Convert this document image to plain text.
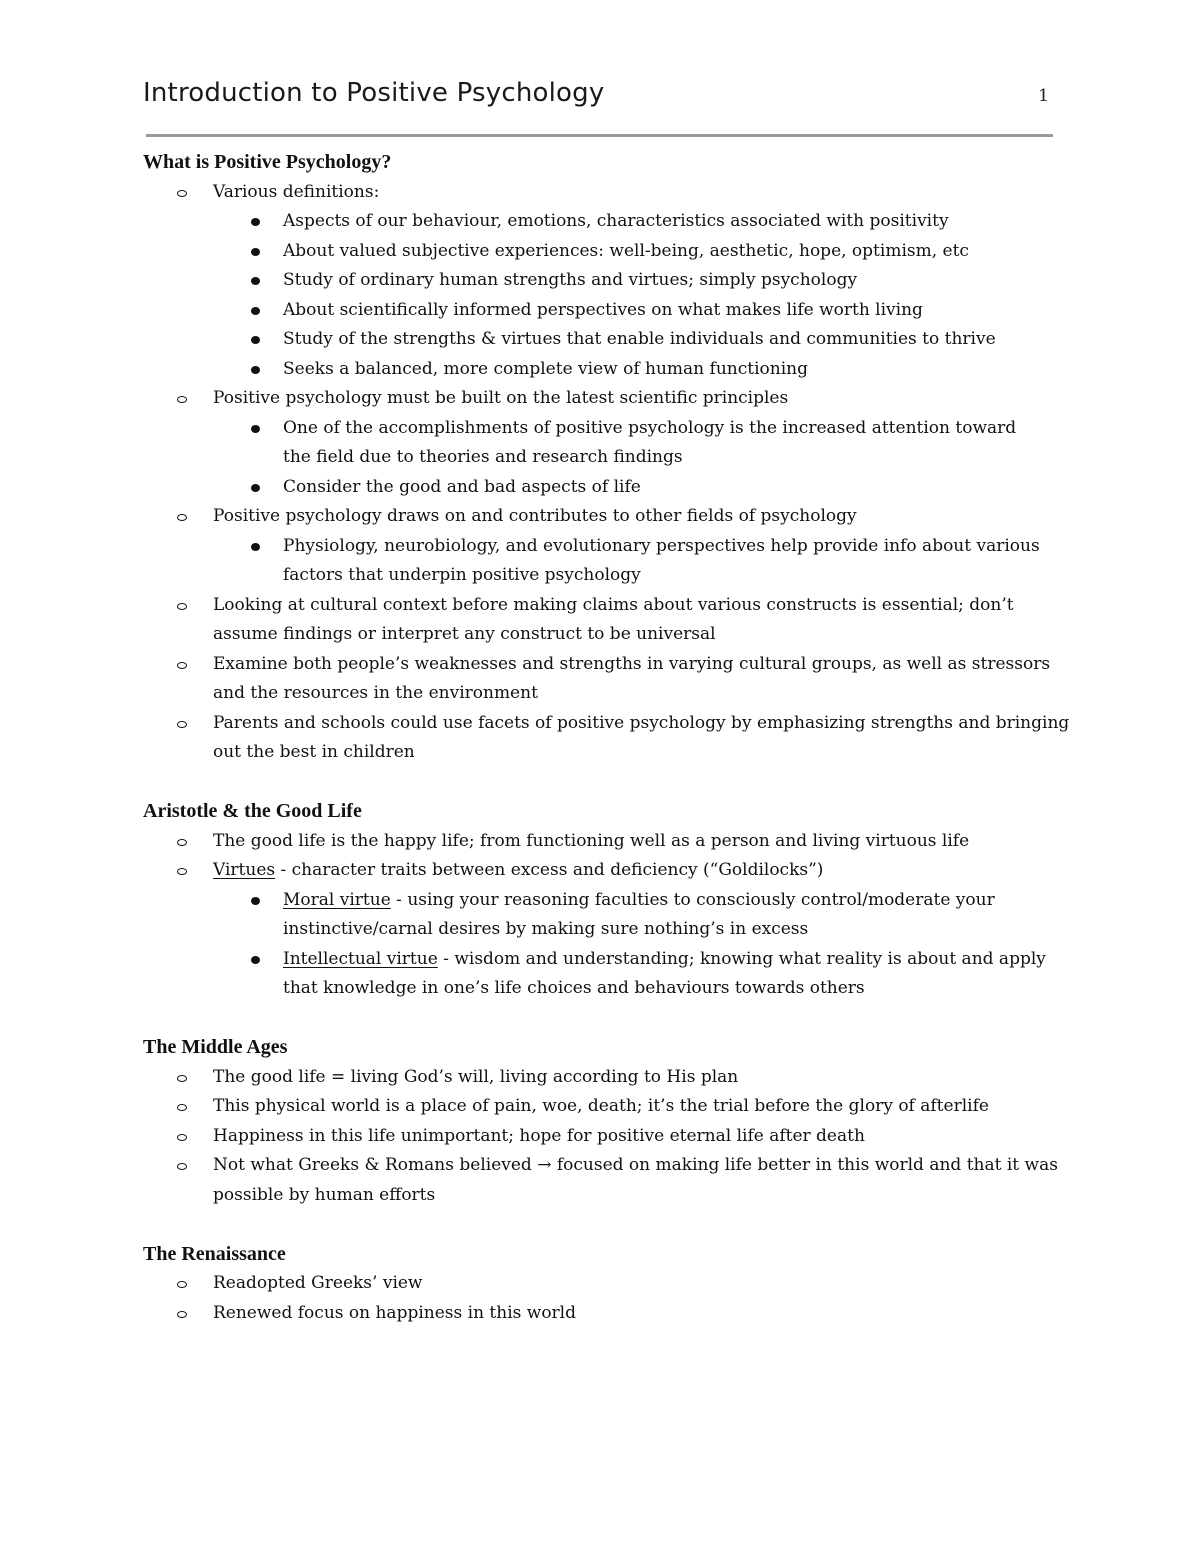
Introduction to Positive Psychology	1

What is Positive Psychology?

Various definitions:
Aspects of our behaviour, emotions, characteristics associated with positivity
About valued subjective experiences: well-being, aesthetic, hope, optimism, etc
Study of ordinary human strengths and virtues; simply psychology
About scientifically informed perspectives on what makes life worth living
Study of the strengths & virtues that enable individuals and communities to thrive
Seeks a balanced, more complete view of human functioning
Positive psychology must be built on the latest scientific principles
One of the accomplishments of positive psychology is the increased attention toward the field due to theories and research findings
Consider the good and bad aspects of life
Positive psychology draws on and contributes to other fields of psychology
Physiology, neurobiology, and evolutionary perspectives help provide info about various factors that underpin positive psychology
Looking at cultural context before making claims about various constructs is essential; don’t assume findings or interpret any construct to be universal
Examine both people’s weaknesses and strengths in varying cultural groups, as well as stressors and the resources in the environment
Parents and schools could use facets of positive psychology by emphasizing strengths and bringing out the best in children

Aristotle & the Good Life

The good life is the happy life; from functioning well as a person and living virtuous life
Virtues - character traits between excess and deficiency (“Goldilocks”)
Moral virtue - using your reasoning faculties to consciously control/moderate your instinctive/carnal desires by making sure nothing’s in excess
Intellectual virtue - wisdom and understanding; knowing what reality is about and apply that knowledge in one’s life choices and behaviours towards others

The Middle Ages

The good life = living God’s will, living according to His plan
This physical world is a place of pain, woe, death; it’s the trial before the glory of afterlife
Happiness in this life unimportant; hope for positive eternal life after death
Not what Greeks & Romans believed → focused on making life better in this world and that it was possible by human efforts

The Renaissance

Readopted Greeks’ view
Renewed focus on happiness in this world
